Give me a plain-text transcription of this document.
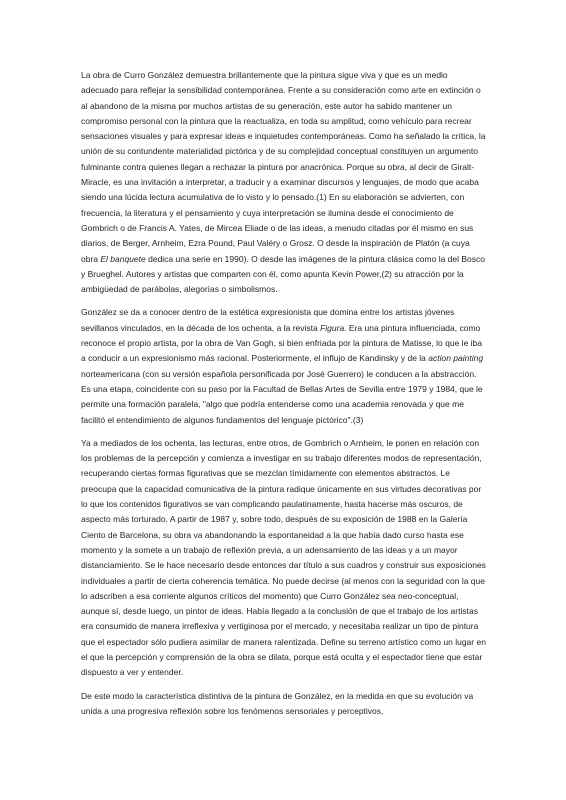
La obra de Curro González demuestra brillantemente que la pintura sigue viva y que es un medio adecuado para reflejar la sensibilidad contemporánea. Frente a su consideración como arte en extinción o al abandono de la misma por muchos artistas de su generación, este autor ha sabido mantener un compromiso personal con la pintura que la reactualiza, en toda su amplitud, como vehículo para recrear sensaciones visuales y para expresar ideas e inquietudes contemporáneas. Como ha señalado la crítica, la unión de su contundente materialidad pictórica y de su complejidad conceptual constituyen un argumento fulminante contra quienes llegan a rechazar la pintura por anacrónica. Porque su obra, al decir de Giralt-Miracle, es una invitación a interpretar, a traducir y a examinar discursos y lenguajes, de modo que acaba siendo una lúcida lectura acumulativa de lo visto y lo pensado.(1) En su elaboración se advierten, con frecuencia, la literatura y el pensamiento y cuya interpretación se ilumina desde el conocimiento de Gombrich o de Francis A. Yates, de Mircea Eliade o de las ideas, a menudo citadas por él mismo en sus diarios, de Berger, Arnheim, Ezra Pound, Paul Valéry o Grosz. O desde la inspiración de Platón (a cuya obra El banquete dedica una serie en 1990). O desde las imágenes de la pintura clásica como la del Bosco y Brueghel. Autores y artistas que comparten con él, como apunta Kevin Power,(2) su atracción por la ambigüedad de parábolas, alegorías o simbolismos.

González se da a conocer dentro de la estética expresionista que domina entre los artistas jóvenes sevillanos vinculados, en la década de los ochenta, a la revista Figura. Era una pintura influenciada, como reconoce el propio artista, por la obra de Van Gogh, si bien enfriada por la pintura de Matisse, lo que le iba a conducir a un expresionismo más racional. Posteriormente, el influjo de Kandinsky y de la action painting norteamericana (con su versión española personificada por José Guerrero) le conducen a la abstracción. Es una etapa, coincidente con su paso por la Facultad de Bellas Artes de Sevilla entre 1979 y 1984, que le permite una formación paralela, "algo que podría entenderse como una academia renovada y que me facilitó el entendimiento de algunos fundamentos del lenguaje pictórico".(3)

Ya a mediados de los ochenta, las lecturas, entre otros, de Gombrich o Arnheim, le ponen en relación con los problemas de la percepción y comienza a investigar en su trabajo diferentes modos de representación, recuperando ciertas formas figurativas que se mezclan tímidamente con elementos abstractos. Le preocupa que la capacidad comunicativa de la pintura radique únicamente en sus virtudes decorativas por lo que los contenidos figurativos se van complicando paulatinamente, hasta hacerse más oscuros, de aspecto más torturado. A partir de 1987 y, sobre todo, después de su exposición de 1988 en la Galería Ciento de Barcelona, su obra va abandonando la espontaneidad a la que había dado curso hasta ese momento y la somete a un trabajo de reflexión previa, a un adensamiento de las ideas y a un mayor distanciamiento. Se le hace necesario desde entonces dar título a sus cuadros y construir sus exposiciones individuales a partir de cierta coherencia temática. No puede decirse (al menos con la seguridad con la que lo adscriben a esa corriente algunos críticos del momento) que Curro González sea neo-conceptual, aunque sí, desde luego, un pintor de ideas. Había llegado a la conclusión de que el trabajo de los artistas era consumido de manera irreflexiva y vertiginosa por el mercado, y necesitaba realizar un tipo de pintura que el espectador sólo pudiera asimilar de manera ralentizada. Define su terreno artístico como un lugar en el que la percepción y comprensión de la obra se dilata, porque está oculta y el espectador tiene que estar dispuesto a ver y entender.

De este modo la característica distintiva de la pintura de González, en la medida en que su evolución va unida a una progresiva reflexión sobre los fenómenos sensoriales y perceptivos,
